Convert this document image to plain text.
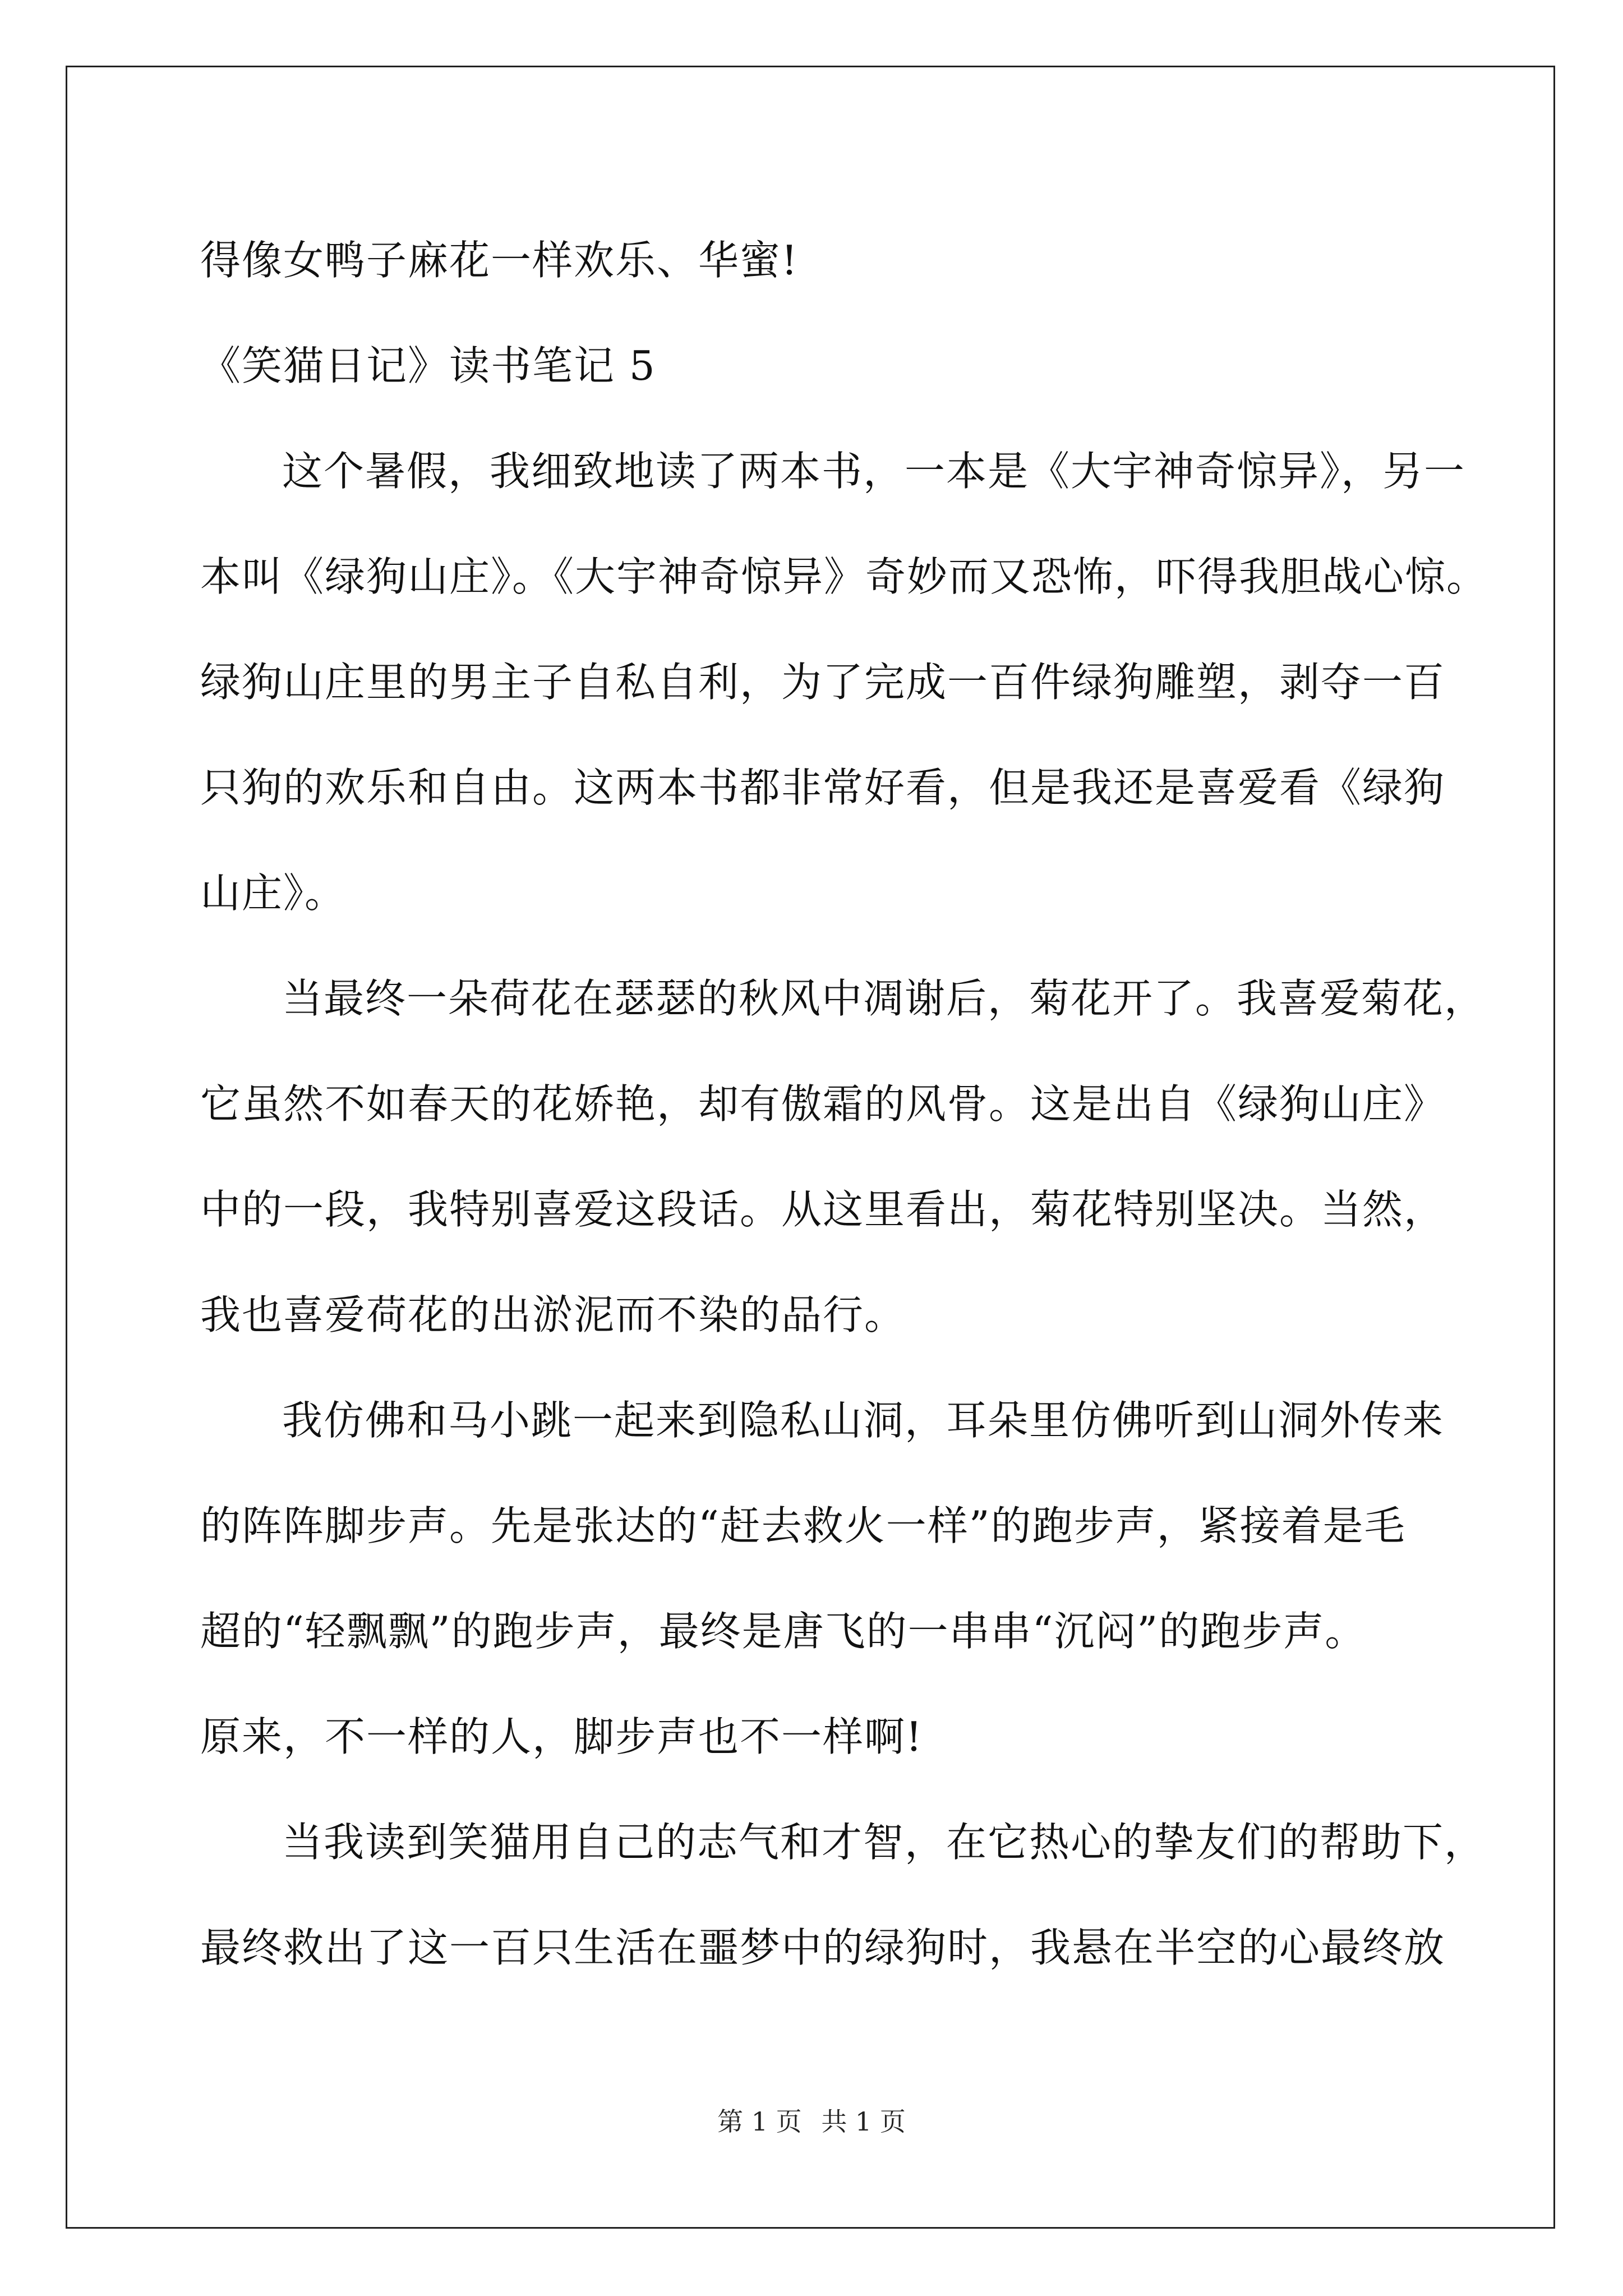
得像女鸭子麻花一样欢乐、华蜜!
《笑猫日记》读书笔记 5
这个暑假，我细致地读了两本书，一本是《大宇神奇惊异》，另一
本叫《绿狗山庄》。《大宇神奇惊异》奇妙而又恐怖，吓得我胆战心惊。
绿狗山庄里的男主子自私自利，为了完成一百件绿狗雕塑，剥夺一百
只狗的欢乐和自由。这两本书都非常好看，但是我还是喜爱看《绿狗
山庄》。
当最终一朵荷花在瑟瑟的秋风中凋谢后，菊花开了。我喜爱菊花，
它虽然不如春天的花娇艳，却有傲霜的风骨。这是出自《绿狗山庄》
中的一段，我特别喜爱这段话。从这里看出，菊花特别坚决。当然，
我也喜爱荷花的出淤泥而不染的品行。
我仿佛和马小跳一起来到隐私山洞，耳朵里仿佛听到山洞外传来
的阵阵脚步声。先是张达的“赶去救火一样”的跑步声，紧接着是毛
超的“轻飘飘”的跑步声，最终是唐飞的一串串“沉闷”的跑步声。
原来，不一样的人，脚步声也不一样啊!
当我读到笑猫用自己的志气和才智，在它热心的挚友们的帮助下，
最终救出了这一百只生活在噩梦中的绿狗时，我悬在半空的心最终放
第 1 页 共 1 页
